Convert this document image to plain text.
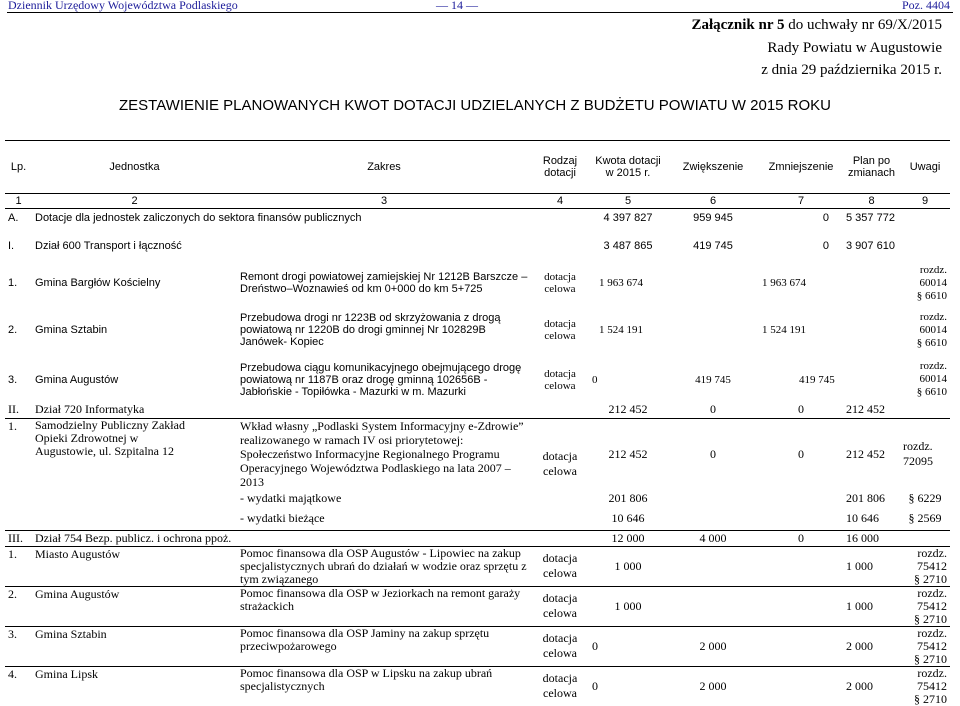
Dziennik Urzędowy Województwa Podlaskiego	— 14 —	Poz. 4404
Załącznik nr 5 do uchwały nr 69/X/2015
Rady Powiatu w Augustowie
z dnia 29 października 2015 r.
ZESTAWIENIE PLANOWANYCH KWOT DOTACJI UDZIELANYCH Z BUDŻETU POWIATU W 2015 ROKU
Lp.	Jednostka	Zakres	Rodzaj dotacji	Kwota dotacji w 2015 r.	Zwiększenie	Zmniejszenie	Plan po zmianach	Uwagi
1	2	3	4	5	6	7	8	9
A.	Dotacje dla jednostek zaliczonych do sektora finansów publicznych			4 397 827	959 945	0	5 357 772	

I.	Dział 600 Transport i łączność			3 487 865	419 745	0	3 907 610	

1.	Gmina Bargłów Kościelny	Remont drogi powiatowej zamiejskiej Nr 1212B Barszcze – Dreństwo–Woznawieś od km 0+000 do km 5+725	dotacja celowa	1 963 674		1 963 674		rozdz. 60014
§ 6610

2.	Gmina Sztabin	Przebudowa drogi nr 1223B od skrzyżowania z drogą powiatową nr 1220B do drogi gminnej Nr 102829B Janówek- Kopiec	dotacja celowa	1 524 191		1 524 191		rozdz. 60014
§ 6610

3.	Gmina Augustów	Przebudowa ciągu komunikacyjnego obejmującego drogę powiatową nr 1187B oraz drogę gminną 102656B - Jabłońskie - Topiłówka - Mazurki w m. Mazurki	dotacja celowa	0	419 745	419 745		rozdz. 60014
§ 6610

II.	Dział 720 Informatyka			212 452	0	0	212 452	
1.	Samodzielny Publiczny Zakład Opieki Zdrowotnej w Augustowie, ul. Szpitalna 12	Wkład własny „Podlaski System Informacyjny e-Zdrowie” realizowanego w ramach IV osi priorytetowej: Społeczeństwo Informacyjne Regionalnego Programu Operacyjnego Województwa Podlaskiego na lata 2007 – 2013	dotacja celowa	212 452	0	0	212 452	rozdz. 72095
		- wydatki majątkowe		201 806			201 806	§ 6229
		- wydatki bieżące		10 646			10 646	§ 2569
III.	Dział 754 Bezp. publicz. i ochrona ppoż.			12 000	4 000	0	16 000	
1.	Miasto Augustów	Pomoc finansowa dla OSP Augustów - Lipowiec na zakup specjalistycznych ubrań do działań w wodzie oraz sprzętu z tym związanego	dotacja celowa	1 000			1 000	rozdz. 75412
§ 2710

2.	Gmina Augustów	Pomoc finansowa dla OSP w Jeziorkach na remont garaży strażackich	dotacja celowa	1 000			1 000	rozdz. 75412
§ 2710

3.	Gmina Sztabin	Pomoc finansowa dla OSP Jaminy na zakup sprzętu przeciwpożarowego	dotacja celowa	0	2 000		2 000	rozdz. 75412
§ 2710

4.	Gmina Lipsk	Pomoc finansowa dla OSP w Lipsku na zakup ubrań specjalistycznych	dotacja celowa	0	2 000		2 000	rozdz. 75412
§ 2710
